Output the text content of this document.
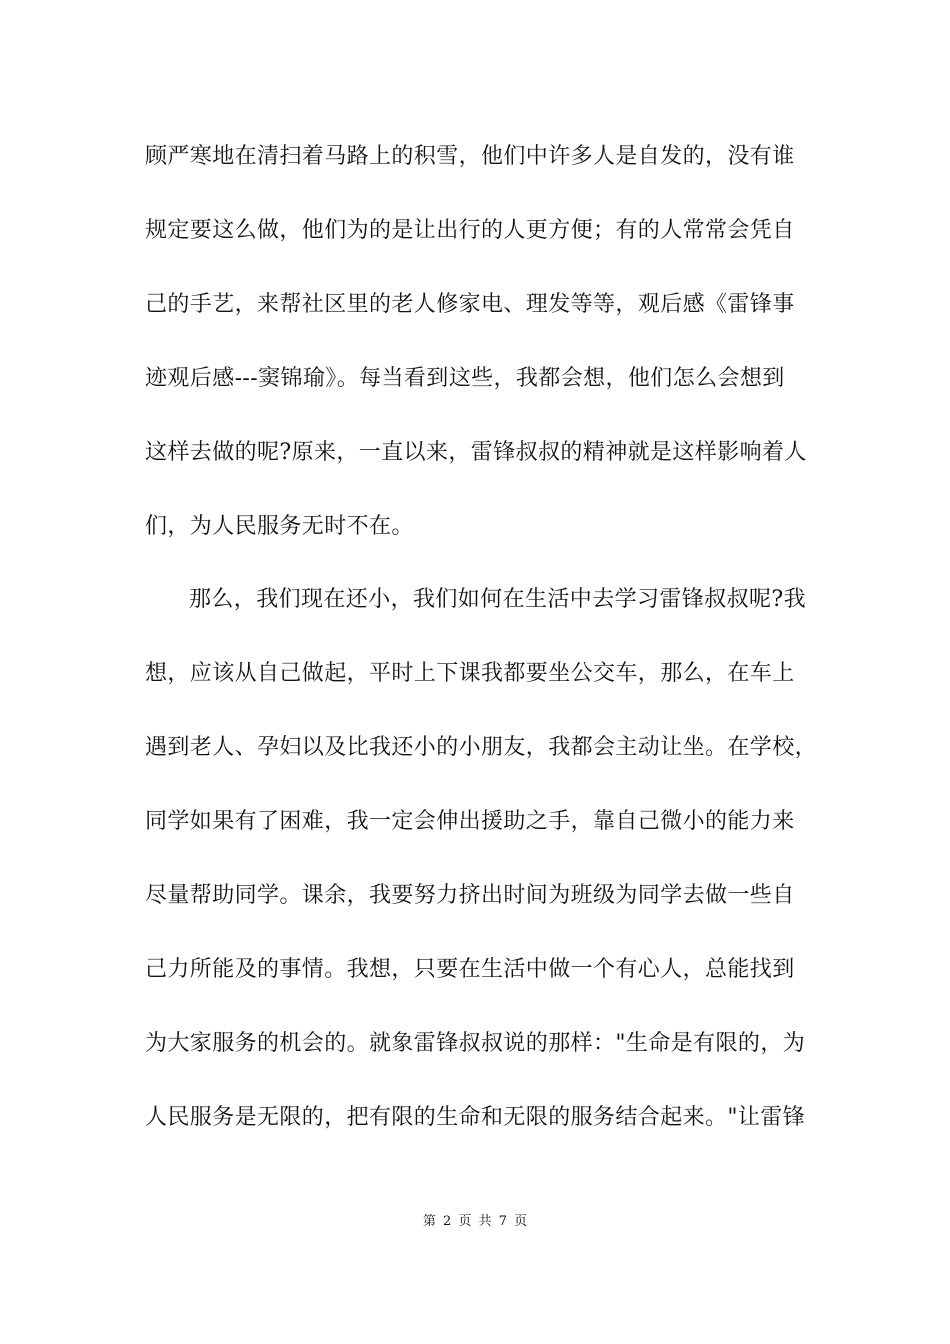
顾严寒地在清扫着马路上的积雪，他们中许多人是自发的，没有谁
规定要这么做，他们为的是让出行的人更方便；有的人常常会凭自
己的手艺，来帮社区里的老人修家电、理发等等，观后感《雷锋事
迹观后感---窦锦瑜》。每当看到这些，我都会想，他们怎么会想到
这样去做的呢?原来，一直以来，雷锋叔叔的精神就是这样影响着人
们，为人民服务无时不在。
那么，我们现在还小，我们如何在生活中去学习雷锋叔叔呢?我
想，应该从自己做起，平时上下课我都要坐公交车，那么，在车上
遇到老人、孕妇以及比我还小的小朋友，我都会主动让坐。在学校，
同学如果有了困难，我一定会伸出援助之手，靠自己微小的能力来
尽量帮助同学。课余，我要努力挤出时间为班级为同学去做一些自
己力所能及的事情。我想，只要在生活中做一个有心人，总能找到
为大家服务的机会的。就象雷锋叔叔说的那样："生命是有限的，为
人民服务是无限的，把有限的生命和无限的服务结合起来。"让雷锋
第 2 页 共 7 页
